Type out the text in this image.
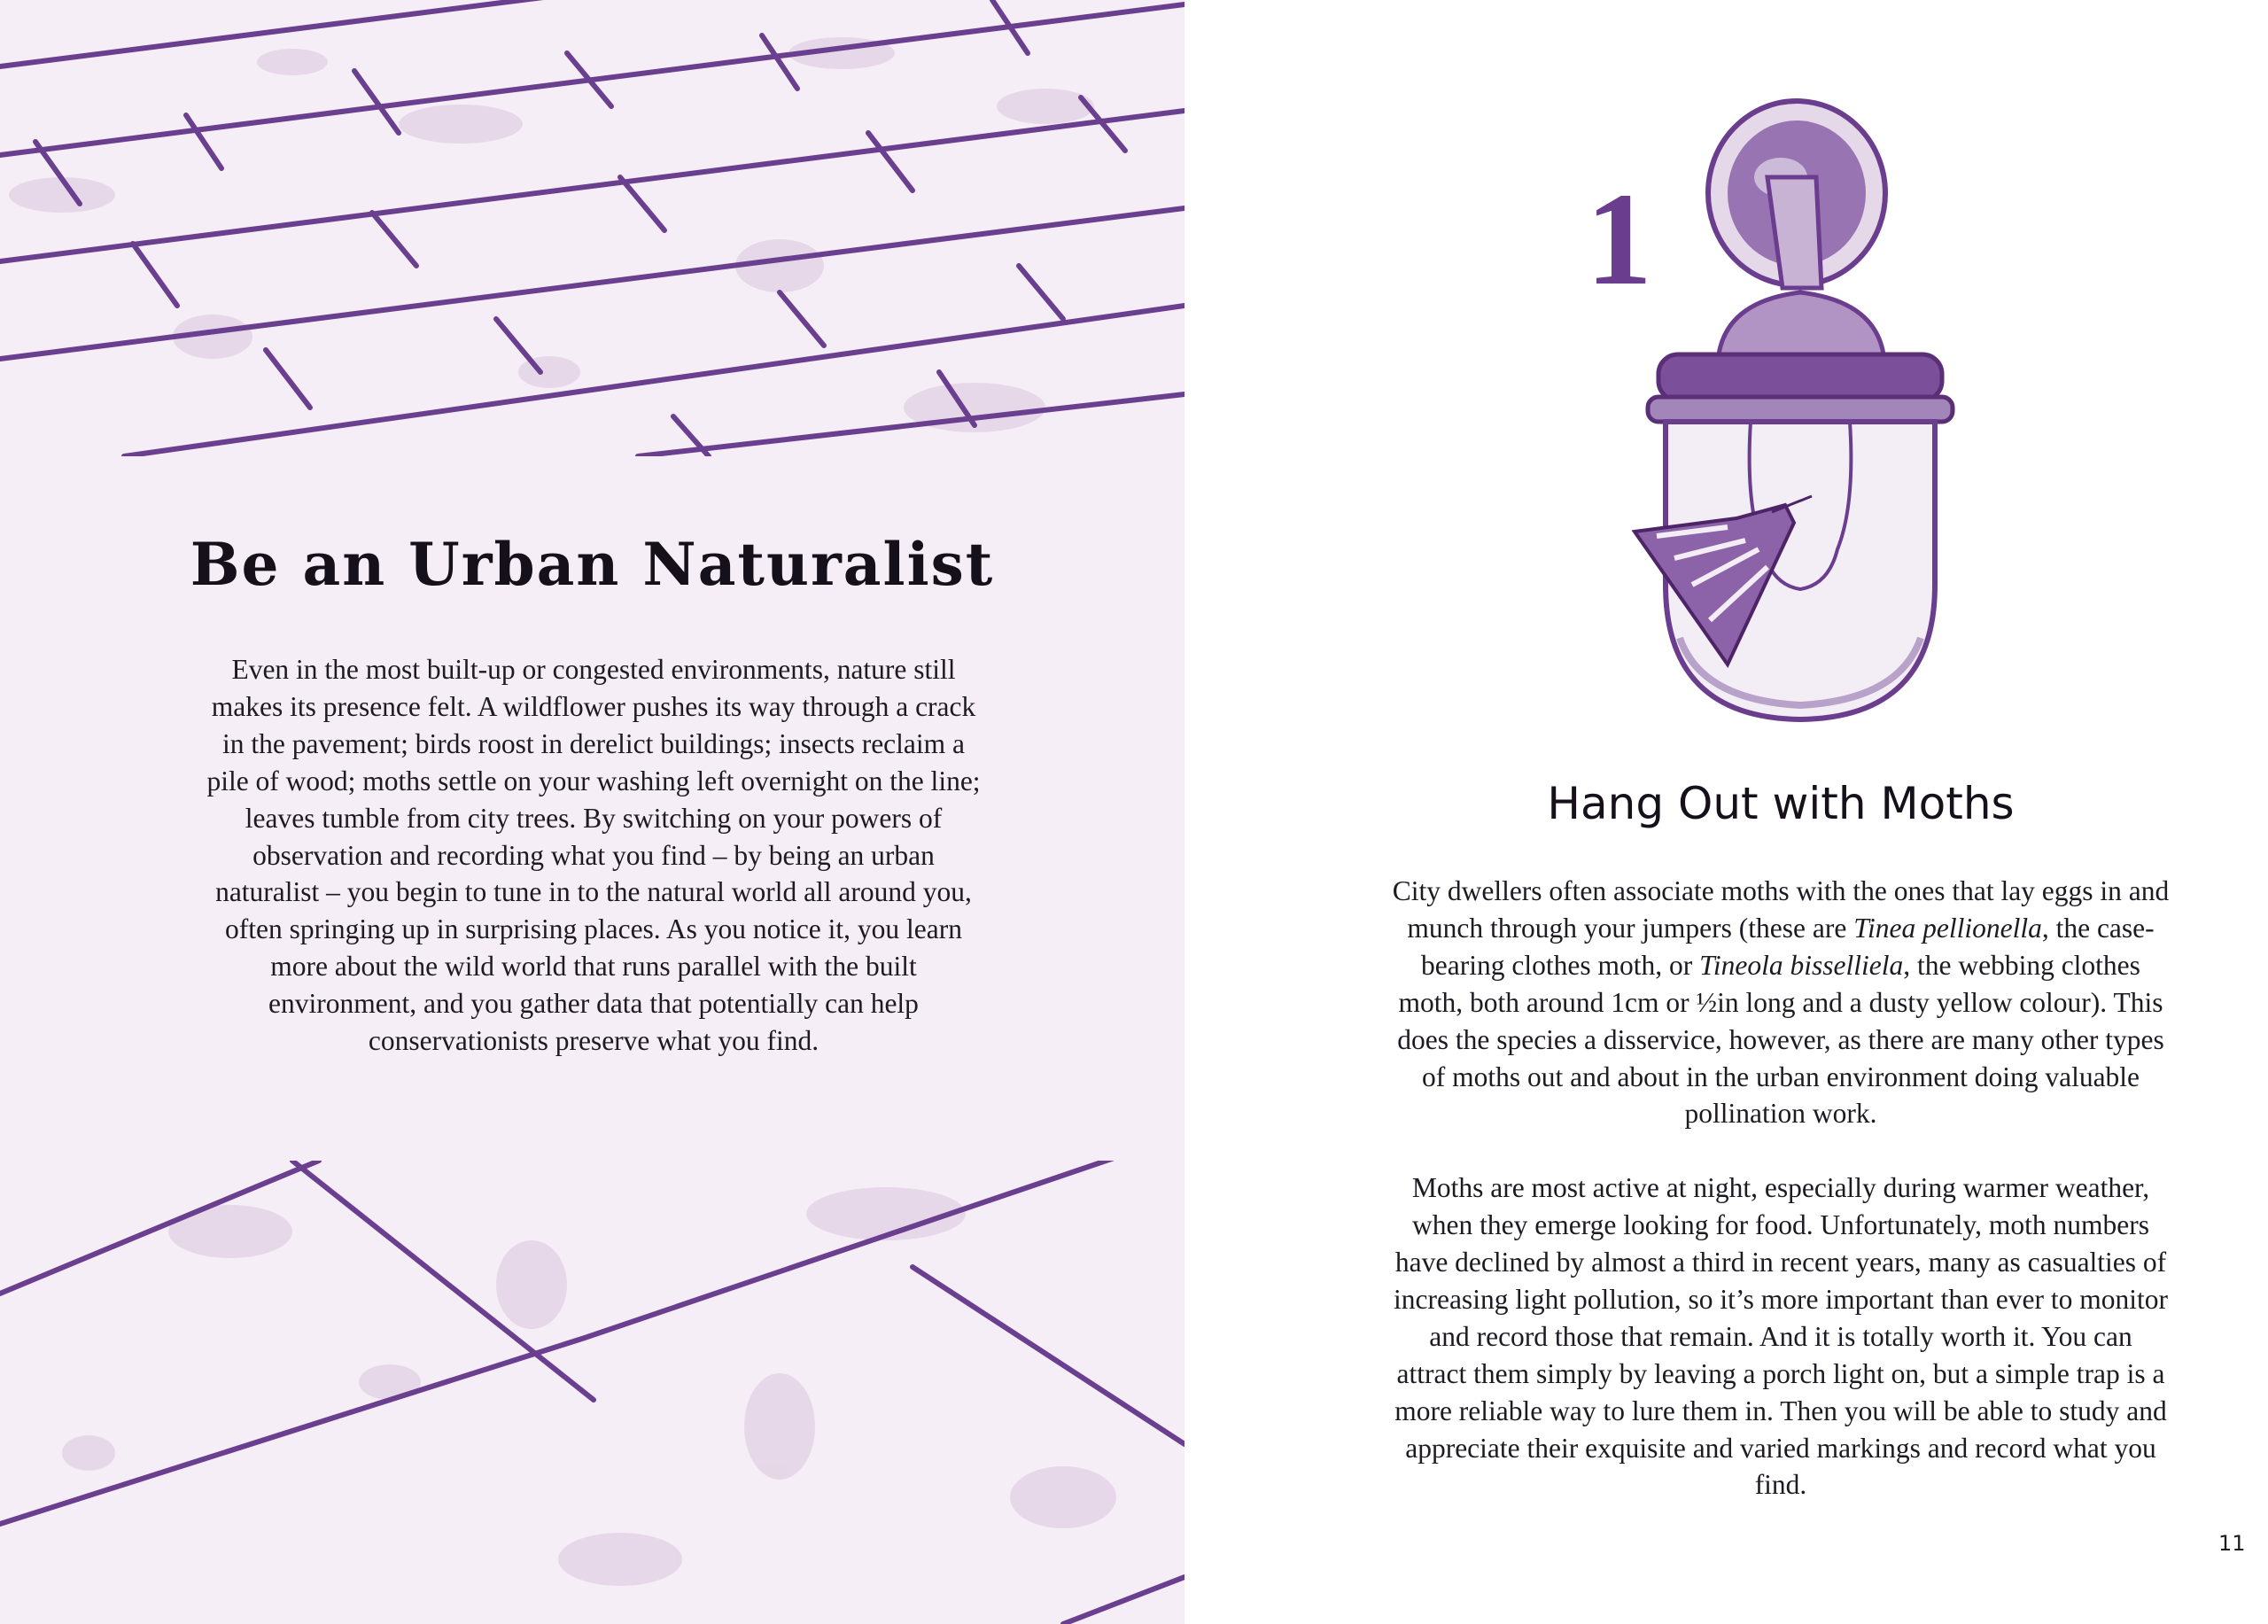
Be an Urban Naturalist
Even in the most built-up or congested environments, nature still makes its presence felt. A wildflower pushes its way through a crack in the pavement; birds roost in derelict buildings; insects reclaim a pile of wood; moths settle on your washing left overnight on the line; leaves tumble from city trees. By switching on your powers of observation and recording what you find – by being an urban naturalist – you begin to tune in to the natural world all around you, often springing up in surprising places. As you notice it, you learn more about the wild world that runs parallel with the built environment, and you gather data that potentially can help conservationists preserve what you find.
1
Hang Out with Moths

City dwellers often associate moths with the ones that lay eggs in and munch through your jumpers (these are Tinea pellionella, the case-bearing clothes moth, or Tineola bisselliela, the webbing clothes moth, both around 1cm or ½in long and a dusty yellow colour). This does the species a disservice, however, as there are many other types of moths out and about in the urban environment doing valuable pollination work.

Moths are most active at night, especially during warmer weather, when they emerge looking for food. Unfortunately, moth numbers have declined by almost a third in recent years, many as casualties of increasing light pollution, so it’s more important than ever to monitor and record those that remain. And it is totally worth it. You can attract them simply by leaving a porch light on, but a simple trap is a more reliable way to lure them in. Then you will be able to study and appreciate their exquisite and varied markings and record what you find.

11
